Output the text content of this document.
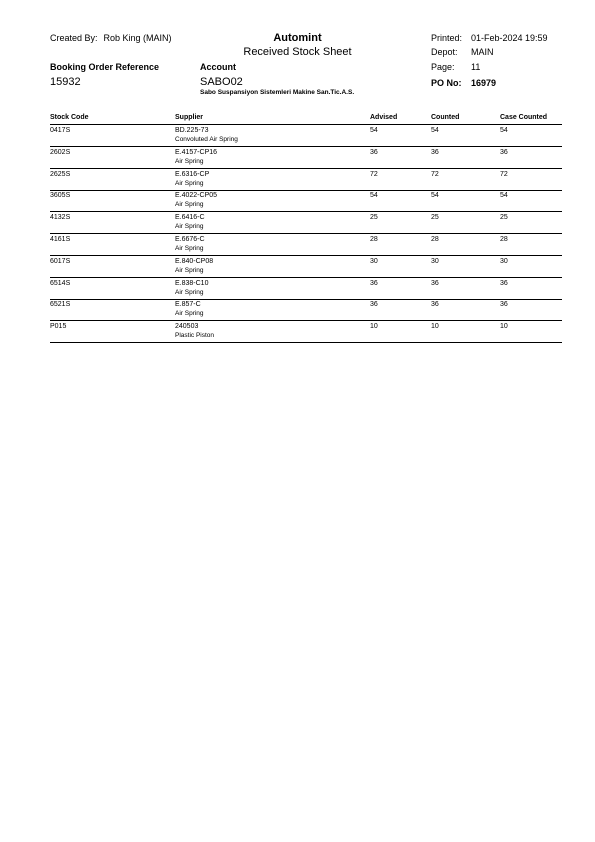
Created By: Rob King (MAIN)	Automint
Received Stock Sheet
Printed: 01-Feb-2024 19:59
Depot: MAIN
Page: 11
PO No: 16979
Booking Order Reference
15932
Account
SABO02
Sabo Suspansiyon Sistemleri Makine San.Tic.A.S.
Stock Code	Supplier	Advised	Counted	Case Counted
0417S	BD.225-73	54	54	54
Convoluted Air Spring
2602S	E.4157-CP16	36	36	36
Air Spring
2625S	E.6316-CP	72	72	72
Air Spring
3605S	E.4022-CP05	54	54	54
Air Spring
4132S	E.6416-C	25	25	25
Air Spring
4161S	E.6676-C	28	28	28
Air Spring
6017S	E.840-CP08	30	30	30
Air Spring
6514S	E.838-C10	36	36	36
Air Spring
6521S	E.857-C	36	36	36
Air Spring
P015	240503	10	10	10
Plastic Piston
